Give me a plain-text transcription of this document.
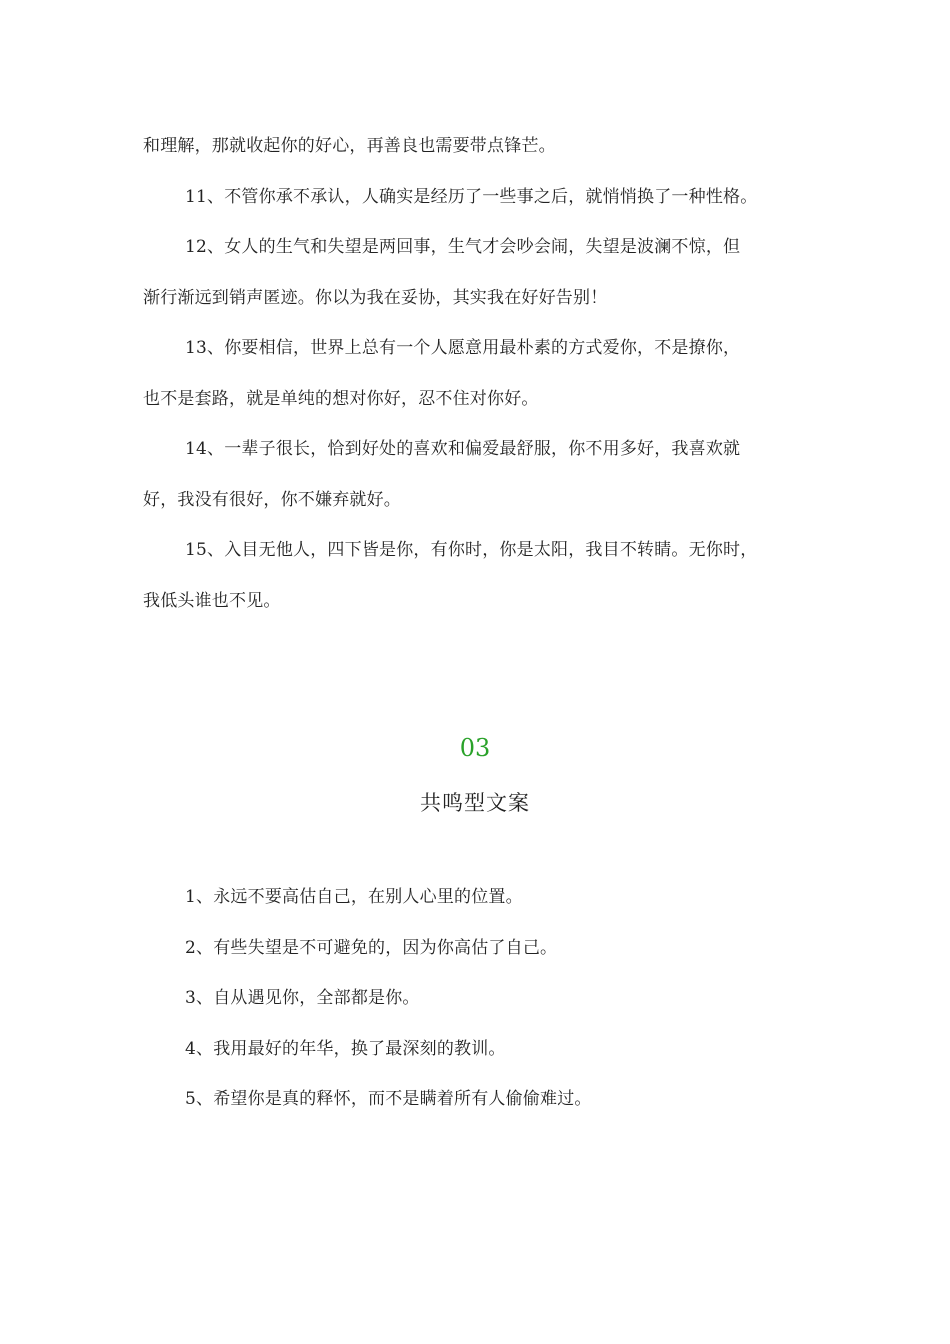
和理解，那就收起你的好心，再善良也需要带点锋芒。
11、不管你承不承认，人确实是经历了一些事之后，就悄悄换了一种性格。
12、女人的生气和失望是两回事，生气才会吵会闹，失望是波澜不惊，但
渐行渐远到销声匿迹。你以为我在妥协，其实我在好好告别！
13、你要相信，世界上总有一个人愿意用最朴素的方式爱你，不是撩你，
也不是套路，就是单纯的想对你好，忍不住对你好。
14、一辈子很长，恰到好处的喜欢和偏爱最舒服，你不用多好，我喜欢就
好，我没有很好，你不嫌弃就好。
15、入目无他人，四下皆是你，有你时，你是太阳，我目不转睛。无你时，
我低头谁也不见。
03
共鸣型文案
1、永远不要高估自己，在别人心里的位置。
2、有些失望是不可避免的，因为你高估了自己。
3、自从遇见你，全部都是你。
4、我用最好的年华，换了最深刻的教训。
5、希望你是真的释怀，而不是瞒着所有人偷偷难过。
